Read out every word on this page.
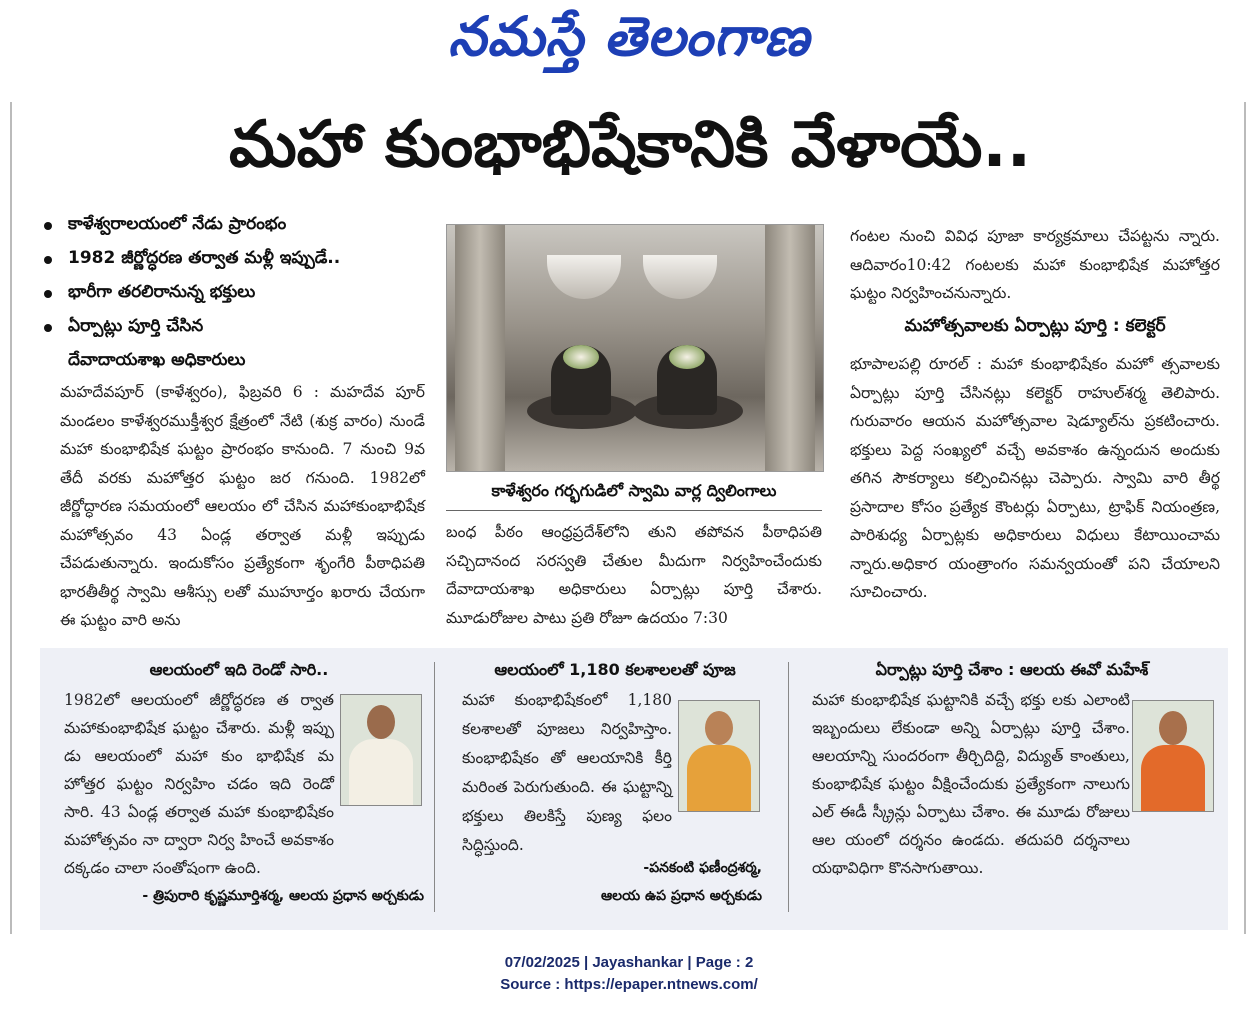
నమస్తే తెలంగాణ
మహా కుంభాభిషేకానికి వేళాయే..
కాళేశ్వరాలయంలో నేడు ప్రారంభం
1982 జీర్ణోద్ధరణ తర్వాత మళ్లీ ఇప్పుడే..
భారీగా తరలిరానున్న భక్తులు
ఏర్పాట్లు పూర్తి చేసిన
దేవాదాయశాఖ అధికారులు
మహదేవపూర్ (కాళేశ్వరం), ఫిబ్రవరి 6 : మహదేవ పూర్ మండలం కాళేశ్వరముక్తీశ్వర క్షేత్రంలో నేటి (శుక్ర వారం) నుండే మహా కుంభాభిషేక ఘట్టం ప్రారంభం కానుంది. 7 నుంచి 9వ తేదీ వరకు మహోత్తర ఘట్టం జర గనుంది. 1982లో జీర్ణోద్ధారణ సమయంలో ఆలయం లో చేసిన మహాకుంభాభిషేక మహోత్సవం 43 ఏండ్ల తర్వాత మళ్లీ ఇప్పుడు చేపడుతున్నారు. ఇందుకోసం ప్రత్యేకంగా శృంగేరి పీఠాధిపతి భారతీతీర్థ స్వామి ఆశీస్సు లతో ముహూర్తం ఖరారు చేయగా ఈ ఘట్టం వారి అను
కాళేశ్వరం గర్భగుడిలో స్వామి వార్ల ద్విలింగాలు
బంధ పీఠం ఆంధ్రప్రదేశ్‌లోని తుని తపోవన పీఠాధిపతి సచ్చిదానంద సరస్వతి చేతుల మీదుగా నిర్వహించేందుకు దేవాదాయశాఖ అధికారులు ఏర్పాట్లు పూర్తి చేశారు. మూడురోజుల పాటు ప్రతి రోజూ ఉదయం 7:30
గంటల నుంచి వివిధ పూజా కార్యక్రమాలు చేపట్టను న్నారు. ఆదివారం10:42 గంటలకు మహా కుంభాభిషేక మహోత్తర ఘట్టం నిర్వహించనున్నారు.
మహోత్సవాలకు ఏర్పాట్లు పూర్తి : కలెక్టర్
భూపాలపల్లి రూరల్ : మహా కుంభాభిషేకం మహో త్సవాలకు ఏర్పాట్లు పూర్తి చేసినట్లు కలెక్టర్ రాహుల్‌శర్మ తెలిపారు. గురువారం ఆయన మహోత్సవాల షెడ్యూల్‌ను ప్రకటించారు. భక్తులు పెద్ద సంఖ్యలో వచ్చే అవకాశం ఉన్నందున అందుకు తగిన సౌకర్యాలు కల్పించినట్లు చెప్పారు. స్వామి వారి తీర్థ ప్రసాదాల కోసం ప్రత్యేక కౌంటర్లు ఏర్పాటు, ట్రాఫిక్ నియంత్రణ, పారిశుధ్య ఏర్పాట్లకు అధికారులు విధులు కేటాయించామ న్నారు.అధికార యంత్రాంగం సమన్వయంతో పని చేయాలని సూచించారు.
ఆలయంలో ఇది రెండో సారి..
1982లో ఆలయంలో జీర్ణోద్ధరణ త ర్వాత మహాకుంభాభిషేక ఘట్టం చేశారు. మళ్లీ ఇప్పు డు ఆలయంలో మహా కుం భాభిషేక మ హోత్తర ఘట్టం నిర్వహిం చడం ఇది రెండో సారి. 43 ఏండ్ల తర్వాత మహా కుంభాభిషేకం మహోత్సవం నా ద్వారా నిర్వ హించే అవకాశం దక్కడం చాలా సంతోషంగా ఉంది.
- త్రిపురారి కృష్ణమూర్తిశర్మ, ఆలయ ప్రధాన అర్చకుడు
ఆలయంలో 1,180 కలశాలలతో పూజ
మహా కుంభాభిషేకంలో 1,180 కలశాలతో పూజలు నిర్వహిస్తాం. కుంభాభిషేకం తో ఆలయానికి కీర్తి మరింత పెరుగుతుంది. ఈ ఘట్టాన్ని భక్తులు తిలకిస్తే పుణ్య ఫలం సిద్ధిస్తుంది.
-పనకంటి ఫణీంద్రశర్మ,
ఆలయ ఉప ప్రధాన అర్చకుడు
ఏర్పాట్లు పూర్తి చేశాం : ఆలయ ఈవో మహేశ్
మహా కుంభాభిషేక ఘట్టానికి వచ్చే భక్తు లకు ఎలాంటి ఇబ్బందులు లేకుండా అన్ని ఏర్పాట్లు పూర్తి చేశాం. ఆలయాన్ని సుందరంగా తీర్చిదిద్ది, విద్యుత్ కాంతులు, కుంభాభిషేక ఘట్టం వీక్షించేందుకు ప్రత్యేకంగా నాలుగు ఎల్ ఈడీ స్క్రీన్లు ఏర్పాటు చేశాం. ఈ మూడు రోజులు ఆల యంలో దర్శనం ఉండదు. తదుపరి దర్శనాలు యథావిధిగా కొనసాగుతాయి.
07/02/2025 | Jayashankar | Page : 2
Source : https://epaper.ntnews.com/
